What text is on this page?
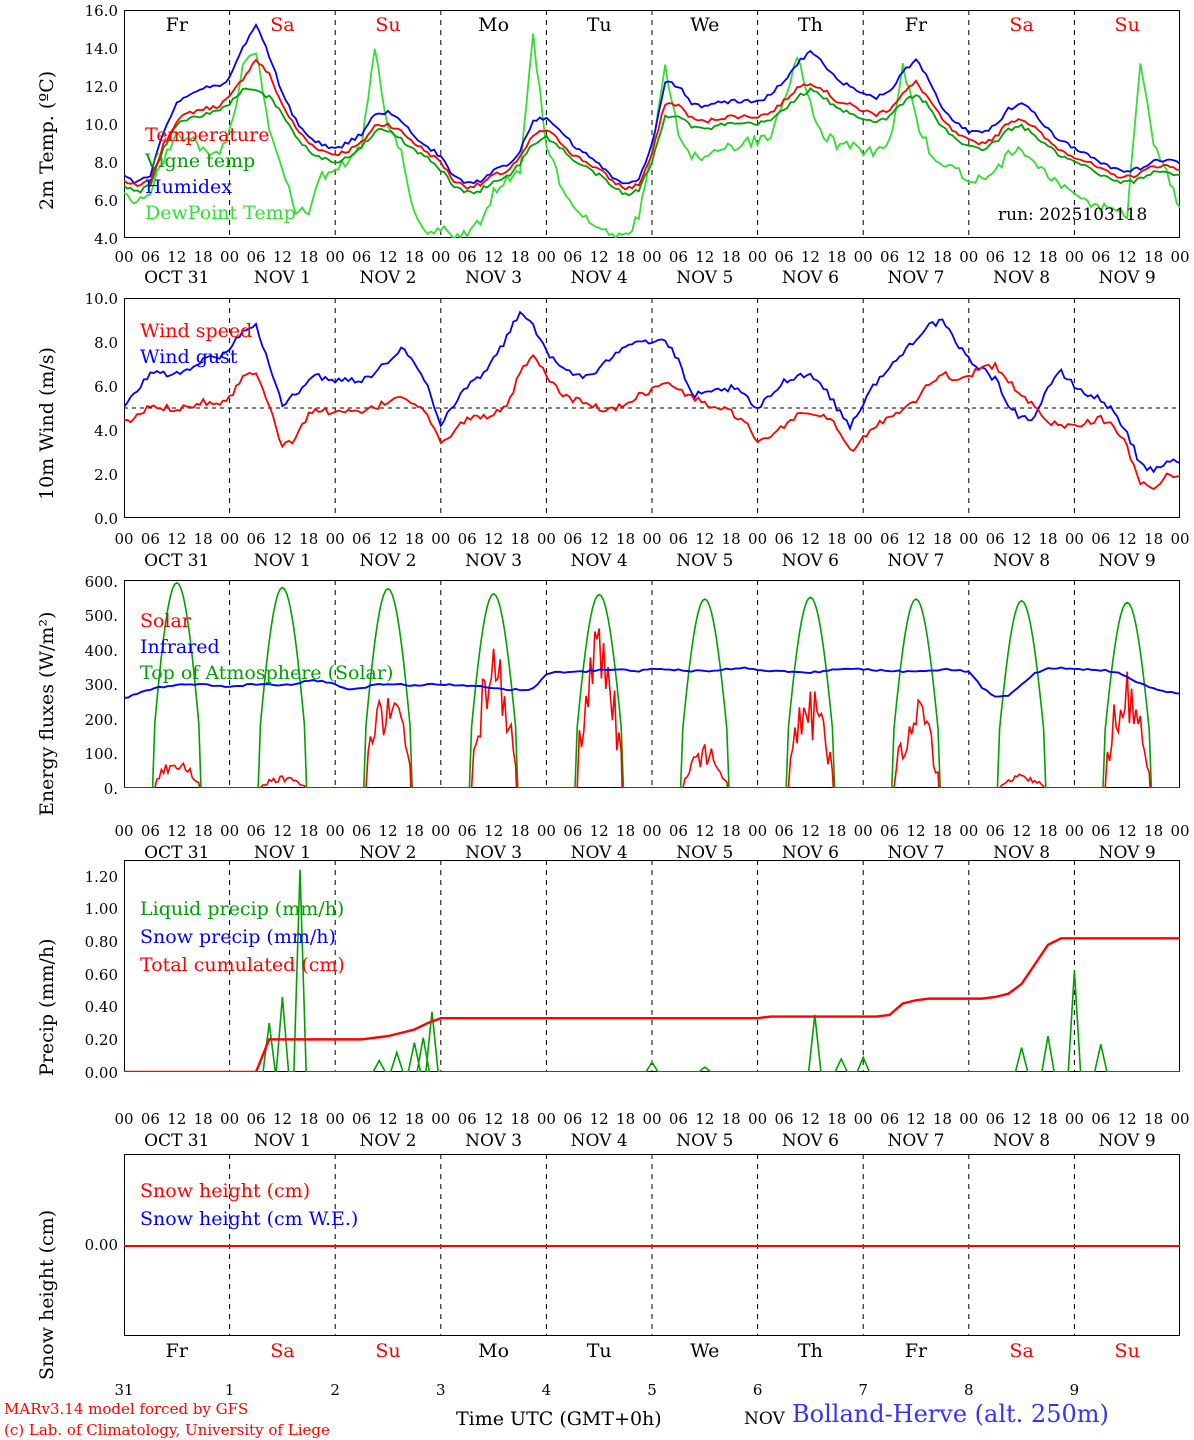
2m Temp. (ºC)
4.0
6.0
8.0
10.0
12.0
14.0
16.0
Temperature
Vigne temp
Humidex
DewPoint Temp	run: 2025103118
10m Wind (m/s)
0.0
2.0
4.0
6.0
8.0
10.0
Wind speed
Wind gust
Energy fluxes (W/m²)	0.
100.
200.
300.
400.
500.
600.
Solar
Infrared
Top of Atmosphere (Solar)
Precip (mm/h)	0.00
0.20
0.40
0.60
0.80
1.00
1.20
Liquid precip (mm/h)
Snow precip (mm/h)
Total cumulated (cm)
Snow height (cm)	0.00
Snow height (cm)
Snow height (cm W.E.)
MARv3.14 model forced by GFS
(c) Lab. of Climatology, University of Liege	Time UTC (GMT+0h)	NOV Bolland-Herve (alt. 250m)
00 06 12 18 00 06 12 18 00 06 12 18 00 06 12 18 00 06 12 18 00 06 12 18 00 06 12 18 00 06 12 18 00 06 12 18 00 06 12 18 00
OCT 31	NOV 1	NOV 2	NOV 3	NOV 4	NOV 5	NOV 6	NOV 7	NOV 8	NOV 9
00 06 12 18 00 06 12 18 00 06 12 18 00 06 12 18 00 06 12 18 00 06 12 18 00 06 12 18 00 06 12 18 00 06 12 18 00 06 12 18 00
OCT 31	NOV 1	NOV 2	NOV 3	NOV 4	NOV 5	NOV 6	NOV 7	NOV 8	NOV 9
00 06 12 18 00 06 12 18 00 06 12 18 00 06 12 18 00 06 12 18 00 06 12 18 00 06 12 18 00 06 12 18 00 06 12 18 00 06 12 18 00
OCT 31	NOV 1	NOV 2	NOV 3	NOV 4	NOV 5	NOV 6	NOV 7	NOV 8	NOV 9
00 06 12 18 00 06 12 18 00 06 12 18 00 06 12 18 00 06 12 18 00 06 12 18 00 06 12 18 00 06 12 18 00 06 12 18 00 06 12 18 00
OCT 31	NOV 1	NOV 2	NOV 3	NOV 4	NOV 5	NOV 6	NOV 7	NOV 8	NOV 9
Fr	Sa	Su	Mo	Tu	We	Th	Fr	Sa	Su
Fr	Sa	Su	Mo	Tu	We	Th	Fr	Sa	Su
31	1	2	3	4	5	6	7	8	9
